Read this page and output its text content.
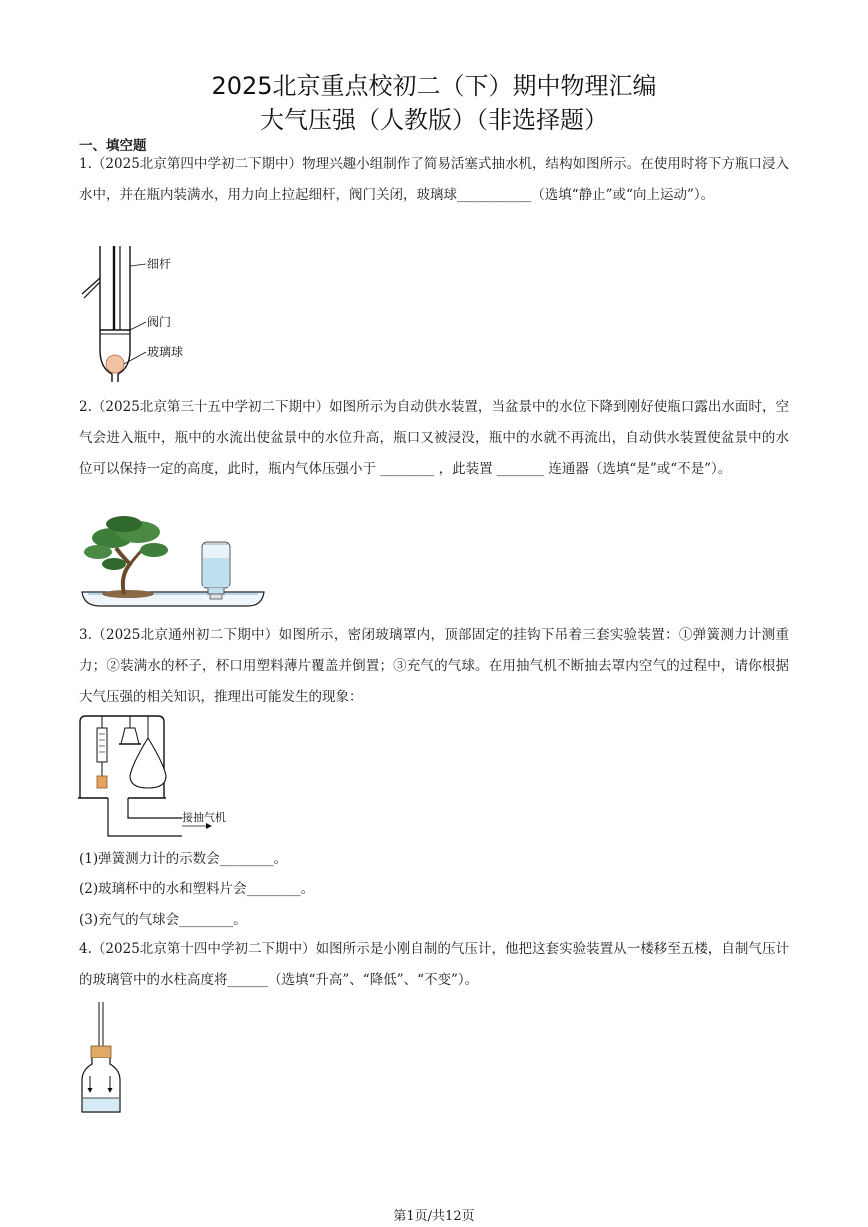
2025北京重点校初二（下）期中物理汇编
大气压强（人教版）（非选择题）
一、填空题
1.（2025北京第四中学初二下期中）物理兴趣小组制作了简易活塞式抽水机，结构如图所示。在使用时将下方瓶口浸入水中，并在瓶内装满水，用力向上拉起细杆，阀门关闭，玻璃球___________（选填“静止”或“向上运动”）。
细杆
阀门
玻璃球
2.（2025北京第三十五中学初二下期中）如图所示为自动供水装置，当盆景中的水位下降到刚好使瓶口露出水面时，空气会进入瓶中，瓶中的水流出使盆景中的水位升高，瓶口又被浸没，瓶中的水就不再流出，自动供水装置使盆景中的水位可以保持一定的高度，此时，瓶内气体压强小于 ________ ，此装置 _______ 连通器（选填“是”或“不是”）。
3.（2025北京通州初二下期中）如图所示，密闭玻璃罩内，顶部固定的挂钩下吊着三套实验装置：①弹簧测力计测重力；②装满水的杯子，杯口用塑料薄片覆盖并倒置；③充气的气球。在用抽气机不断抽去罩内空气的过程中，请你根据大气压强的相关知识，推理出可能发生的现象：
接抽气机
(1)弹簧测力计的示数会________。
(2)玻璃杯中的水和塑料片会________。
(3)充气的气球会________。
4.（2025北京第十四中学初二下期中）如图所示是小刚自制的气压计，他把这套实验装置从一楼移至五楼，自制气压计的玻璃管中的水柱高度将______（选填“升高”、“降低”、“不变”）。
第1页/共12页
